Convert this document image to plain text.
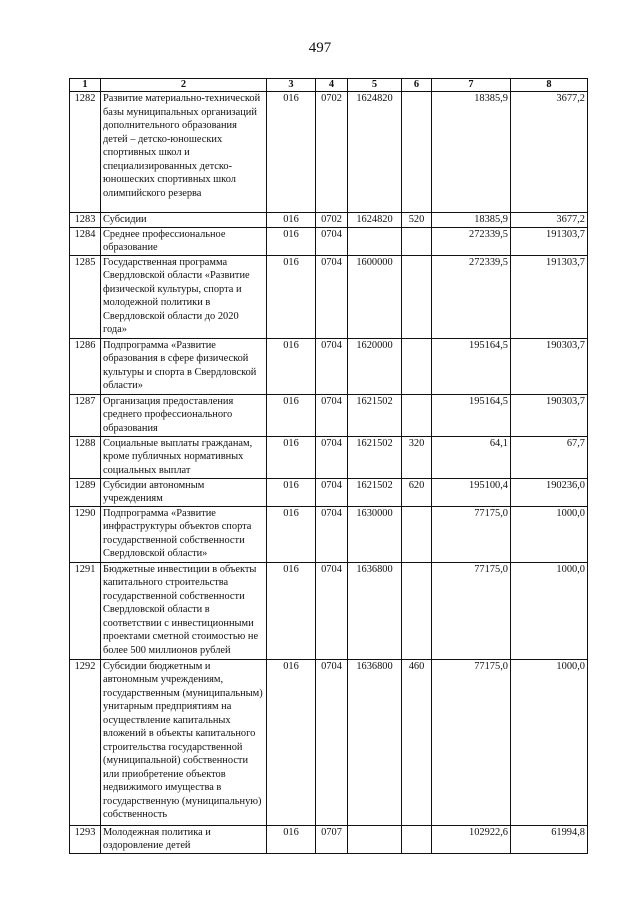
497
1	2	3	4	5	6	7	8
1282	Развитие материально-технической базы муниципальных организаций дополнительного образования детей – детско-юношеских спортивных школ и специализированных детско-юношеских спортивных школ олимпийского резерва	016	0702	1624820		18385,9	3677,2
1283	Субсидии	016	0702	1624820	520	18385,9	3677,2
1284	Среднее профессиональное образование	016	0704			272339,5	191303,7
1285	Государственная программа Свердловской области «Развитие физической культуры, спорта и молодежной политики в Свердловской области до 2020 года»	016	0704	1600000		272339,5	191303,7
1286	Подпрограмма «Развитие образования в сфере физической культуры и спорта в Свердловской области»	016	0704	1620000		195164,5	190303,7
1287	Организация предоставления среднего профессионального образования	016	0704	1621502		195164,5	190303,7
1288	Социальные выплаты гражданам, кроме публичных нормативных социальных выплат	016	0704	1621502	320	64,1	67,7
1289	Субсидии автономным учреждениям	016	0704	1621502	620	195100,4	190236,0
1290	Подпрограмма «Развитие инфраструктуры объектов спорта государственной собственности Свердловской области»	016	0704	1630000		77175,0	1000,0
1291	Бюджетные инвестиции в объекты капитального строительства государственной собственности Свердловской области в соответствии с инвестиционными проектами сметной стоимостью не более 500 миллионов рублей	016	0704	1636800		77175,0	1000,0
1292	Субсидии бюджетным и автономным учреждениям, государственным (муниципальным) унитарным предприятиям на осуществление капитальных вложений в объекты капитального строительства государственной (муниципальной) собственности или приобретение объектов недвижимого имущества в государственную (муниципальную) собственность	016	0704	1636800	460	77175,0	1000,0
1293	Молодежная политика и оздоровление детей	016	0707			102922,6	61994,8
